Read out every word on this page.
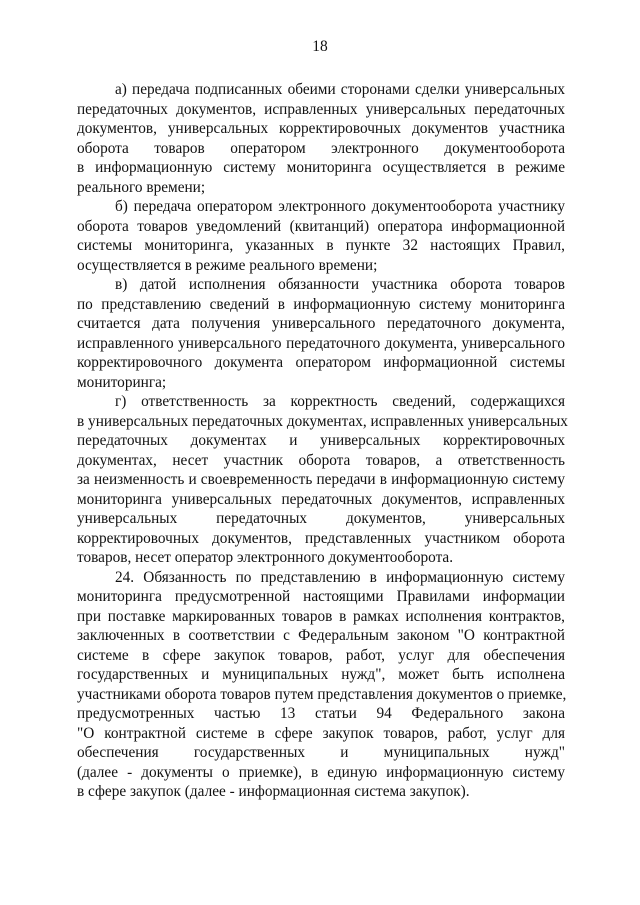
18
а) передача подписанных обеими сторонами сделки универсальных
передаточных документов, исправленных универсальных передаточных
документов, универсальных корректировочных документов участника
оборота товаров оператором электронного документооборота
в информационную систему мониторинга осуществляется в режиме
реального времени;
б) передача оператором электронного документооборота участнику
оборота товаров уведомлений (квитанций) оператора информационной
системы мониторинга, указанных в пункте 32 настоящих Правил,
осуществляется в режиме реального времени;
в) датой исполнения обязанности участника оборота товаров
по представлению сведений в информационную систему мониторинга
считается дата получения универсального передаточного документа,
исправленного универсального передаточного документа, универсального
корректировочного документа оператором информационной системы
мониторинга;
г) ответственность за корректность сведений, содержащихся
в универсальных передаточных документах, исправленных универсальных
передаточных документах и универсальных корректировочных
документах, несет участник оборота товаров, а ответственность
за неизменность и своевременность передачи в информационную систему
мониторинга универсальных передаточных документов, исправленных
универсальных передаточных документов, универсальных
корректировочных документов, представленных участником оборота
товаров, несет оператор электронного документооборота.
24. Обязанность по представлению в информационную систему
мониторинга предусмотренной настоящими Правилами информации
при поставке маркированных товаров в рамках исполнения контрактов,
заключенных в соответствии с Федеральным законом "О контрактной
системе в сфере закупок товаров, работ, услуг для обеспечения
государственных и муниципальных нужд", может быть исполнена
участниками оборота товаров путем представления документов о приемке,
предусмотренных частью 13 статьи 94 Федерального закона
"О контрактной системе в сфере закупок товаров, работ, услуг для
обеспечения государственных и муниципальных нужд"
(далее - документы о приемке), в единую информационную систему
в сфере закупок (далее - информационная система закупок).
